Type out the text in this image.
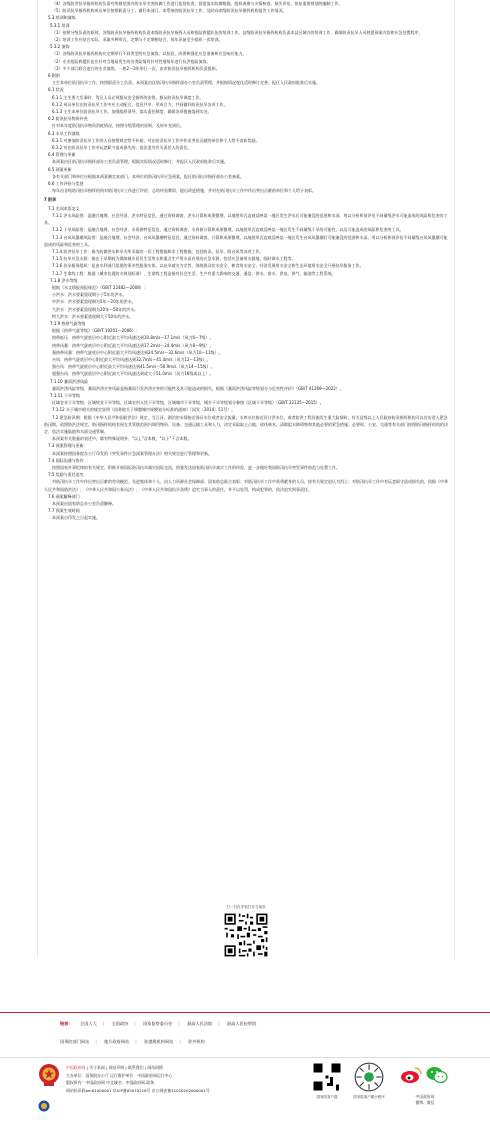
（4）各级防洪抗旱指挥机构负责对所辖范围内的水旱灾害防御工作进行监督检查，督促落实防御措施。组织或参与灾情核查、损失评估、恢复重建规划的编制工作。

（5）防汛抗旱指挥机构成员单位按照职责分工，做好本部门、本系统的防汛抗旱工作，及时向本级防汛抗旱指挥机构报告工作情况。

5.3 培训和演练

5.3.1 培训

（1）按照分级负责的原则，各级防汛抗旱指挥机构负责本级防汛抗旱指挥人员和抢险救援队伍的培训工作。县级防汛抗旱指挥机构负责本县区域内的培训工作，确保防汛抗旱人员熟悉预案内容和应急处置程序。

（2）培训工作应结合实际，采取多种形式，定期与不定期相结合，每年汛前至少组织一次培训。

5.3.2 演练

（1）各级防汛抗旱指挥机构应定期举行不同类型的应急演练，以检验、改善和强化应急准备和应急响应能力。

（2）专业抢险救援队伍应针对当地易发生的各类险情有针对性地每年进行抗洪抢险演练。

（3）多个部门联合进行的专业演练，一般2～3年举行一次，由市防汛抗旱指挥机构负责组织。

6 附则

主生本单位防汛抗旱工作，按照职责分工负责。本预案由区防汛抗旱指挥部办公室负责管理，并根据情况变化适时修订完善，报区人民政府批准后实施。

6.1 状况

6.1.1 主生要大发事时，驾区人员必须服从安全指挥的安排，服从防汛抗旱调度工作。

6.1.2 成员单位在防汛抗旱工作中应主动配合，信息共享，形成合力，共同做好防汛抗旱各项工作。

6.1.3 主生本单位防汛抗旱工作，加强组织领导，落实责任制度，确保各项措施落到实处。

6.2 防汛抗旱物资补充

针对本年度防汛抗旱物资消耗情况，按照分级管理的原则，及时补充到位。

6.3 水旱工作演练

6.3.1 对参加防汛抗旱工作的人员按照规定给予补助，对在防汛抗旱工作中作出突出贡献的单位和个人给予表彰奖励。

6.3.2 对在防汛抗旱工作中玩忽职守造成损失的，依法追究有关责任人的责任。

6.4 管理与更新

本预案由区防汛抗旱指挥部办公室负责管理，根据实际情况适时修订，并报区人民政府批准后实施。

6.5 预案更新

各有关部门和单位应根据本预案制定本部门、本单位的防汛抗旱应急预案，报区防汛抗旱指挥部办公室备案。

6.6 工作评价与奖惩

每年由各级防汛抗旱指挥机构对防汛抗旱工作进行评价，总结经验教训，提出改进措施，并对在防汛抗旱工作中作出突出贡献的单位和个人给予表彰。

7 附录

7.1 名词术语定义

7.1.1 洪水风险图：是融合地理、社会经济、洪水特征信息，通过资料调查、洪水计算和成果整理，以地图形式直观反映某一地区发生洪水后可能淹没的范围和水深，用以分析和预评估不同量级洪水可能造成的风险和危害的工具。

7.1.2 干旱风险图：是融合地理、社会经济、水资源特征信息，通过资料调查、水资源计算和成果整理，以地图形式直观反映某一地区发生不同量级干旱的可能性，以及可能造成的风险和危害的工具。

7.1.3 台风风暴潮风险图：是融合地理、社会经济、台风风暴潮特征信息，通过资料调查、计算和成果整理，以地图形式直观反映某一地区发生台风风暴潮后可能淹没的范围和水深，用以分析和预评估不同量级台风风暴潮可能造成的风险和危害的工具。

7.1.4 防洪抗旱工作：指为防御洪水和旱灾所采取的一切工程措施和非工程措施，包括防汛、抗旱、防台风等各项工作。

7.1.5 抗旱应急水源：指在干旱期间为保障城乡居民生活用水和重点生产用水而启用的应急水源，包括应急备用水源地、临时调水工程等。

7.1.6 抗旱服务组织：是由水利部门组建的事业性服务实体，以抗旱减灾为宗旨，围绕群众饮水安全、粮食用水安全、经济发展用水安全和生态环境用水安全开展抗旱服务工作。

7.1.7 生命线工程：根据《城市抗震防灾规划标准》，生命线工程是指对社会生活、生产有重大影响的交通、通信、供水、排水、供电、供气、输油等工程系统。

7.1.8 洪水等级

根据《水文情报预报规范》（GB/T 22482—2008）：

小洪水：洪水要素重现期小于5年的洪水。

中洪水：洪水要素重现期为5年～20年的洪水。

大洪水：洪水要素重现期为20年～50年的洪水。

特大洪水：洪水要素重现期大于50年的洪水。

7.1.9 热带气旋等级

根据《热带气旋等级》（GB/T 19201—2006）：

热带低压：热带气旋底层中心附近最大平均风速达到10.8m/s～17.1m/s（风力6～7级）。

热带风暴：热带气旋底层中心附近最大平均风速达到17.2m/s～24.4m/s（风力8～9级）。

强热带风暴：热带气旋底层中心附近最大平均风速达到24.5m/s～32.6m/s（风力10～11级）。

台风：热带气旋底层中心附近最大平均风速达到32.7m/s～41.4m/s（风力12～13级）。

强台风：热带气旋底层中心附近最大平均风速达到41.5m/s～50.9m/s（风力14～15级）。

超强台风：热带气旋底层中心附近最大平均风速达到或大于51.0m/s（风力16级或以上）。

7.1.10 暴雨洪涝风险

暴雨洪涝风险等级，暴雨洪涝灾害风险是指暴雨引发洪涝灾害的可能性及其可能造成的损失，根据《暴雨洪涝风险等级划分与危害性评价》（GB/T 41268—2022）。

7.1.11 干旱等级

区域农业干旱等级、区域牧业干旱等级、区域农村人饮干旱等级、区域城市干旱等级，城乡干旱等级划分参照《区域干旱等级》（GB/T 32135—2015）。

7.1.12 关于城市相关的规定说明《国务院关于调整城市规模划分标准的通知》（国发〔2014〕51号）。

7.2 紧急防汛期：根据《中华人民共和国防洪法》规定，当江河、湖泊的水情接近保证水位或者安全流量，水库水位接近设计洪水位，或者防洪工程设施发生重大险情时，有关县级以上人民政府防汛指挥机构可以宣布进入紧急防汛期。依照防洪法规定，防汛指挥机构有权在其管辖范围内调用物资、设备、交通运输工具和人力，决定采取取土占地、砍伐林木、清除阻水障碍物和其他必要的紧急措施；必要时，公安、交通等有关部门按照防汛指挥机构的决定，依法实施陆地和水面交通管制。

本预案有关数量的表述中，除有特殊说明外，"以上"含本数，"以下"不含本数。

7.3 预案管理与更新

本预案按照国务院办公厅印发的《突发事件应急预案管理办法》相关规定进行管理和更新。

7.4 国际沟通与协作

按照国家外事纪律的有关规定，积极开展国际防汛抗旱减灾国际交流，借鉴发达国家防汛抗旱减灾工作的经验，进一步做好我国防汛抗旱突发事件防范与处置工作。

7.5 奖励与责任追究

对防汛抗旱工作中作出突出贡献的劳动模范、先进集体和个人，由人力资源社会保障部、国家防总联合表彰；对防汛抗旱工作中英勇献身的人员，按有关规定追认为烈士；对防汛抗旱工作中有玩忽职守造成损失的，依据《中华人民共和国防洪法》、《中华人民共和国公务员法》、《中华人民共和国抗旱条例》追究当事人的责任，并予以处罚，构成犯罪的，依法追究刑事责任。

7.6 预案解释部门

本预案由国家防总办公室负责解释。

7.7 预案生效时间

本预案自印发之日起实施。

扫一扫在手机打开当前页
链接： 全国人大 | 全国政协 | 国家监察委员会 | 最高人民法院 | 最高人民检察院
国务院部门网站 | 地方政府网站 | 驻港澳机构网站 | 驻外机构
中国政府网 | 关于本网 | 网站声明 | 联系我们 | 网站纠错
主办单位：国务院办公厅 运行维护单位：中国政府网运行中心
版权所有：中国政府网 中文域名：中国政府网.政务
网站标识码bm01000001 京ICP备05070218号 京公网安备11010202000001号
国务院客户端	国务院客户端小程序	中国政府网
微博、微信
